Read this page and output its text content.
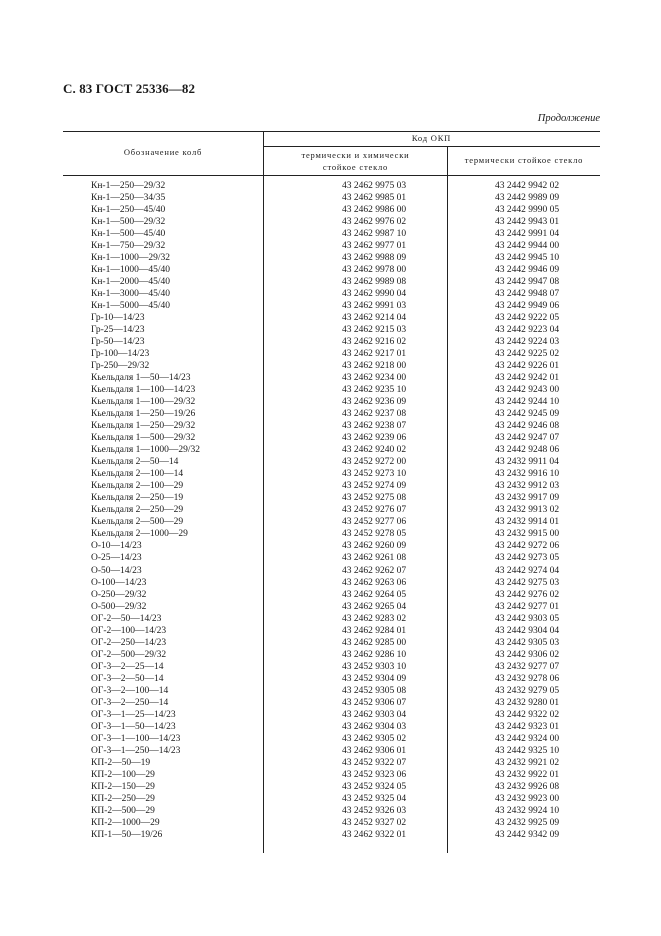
С. 83 ГОСТ 25336—82
Продолжение
Обозначение колб
Код ОКП
термически и химически
стойкое стекло
термически стойкое стекло
Кн-1—250—29/32	43 2462 9975 03	43 2442 9942 02
Кн-1—250—34/35	43 2462 9985 01	43 2442 9989 09
Кн-1—250—45/40	43 2462 9986 00	43 2442 9990 05
Кн-1—500—29/32	43 2462 9976 02	43 2442 9943 01
Кн-1—500—45/40	43 2462 9987 10	43 2442 9991 04
Кн-1—750—29/32	43 2462 9977 01	43 2442 9944 00
Кн-1—1000—29/32	43 2462 9988 09	43 2442 9945 10
Кн-1—1000—45/40	43 2462 9978 00	43 2442 9946 09
Кн-1—2000—45/40	43 2462 9989 08	43 2442 9947 08
Кн-1—3000—45/40	43 2462 9990 04	43 2442 9948 07
Кн-1—5000—45/40	43 2462 9991 03	43 2442 9949 06
Гр-10—14/23	43 2462 9214 04	43 2442 9222 05
Гр-25—14/23	43 2462 9215 03	43 2442 9223 04
Гр-50—14/23	43 2462 9216 02	43 2442 9224 03
Гр-100—14/23	43 2462 9217 01	43 2442 9225 02
Гр-250—29/32	43 2462 9218 00	43 2442 9226 01
Кьельдаля 1—50—14/23	43 2462 9234 00	43 2442 9242 01
Кьельдаля 1—100—14/23	43 2462 9235 10	43 2442 9243 00
Кьельдаля 1—100—29/32	43 2462 9236 09	43 2442 9244 10
Кьельдаля 1—250—19/26	43 2462 9237 08	43 2442 9245 09
Кьельдаля 1—250—29/32	43 2462 9238 07	43 2442 9246 08
Кьельдаля 1—500—29/32	43 2462 9239 06	43 2442 9247 07
Кьельдаля 1—1000—29/32	43 2462 9240 02	43 2442 9248 06
Кьельдаля 2—50—14	43 2452 9272 00	43 2432 9911 04
Кьельдаля 2—100—14	43 2452 9273 10	43 2432 9916 10
Кьельдаля 2—100—29	43 2452 9274 09	43 2432 9912 03
Кьельдаля 2—250—19	43 2452 9275 08	43 2432 9917 09
Кьельдаля 2—250—29	43 2452 9276 07	43 2432 9913 02
Кьельдаля 2—500—29	43 2452 9277 06	43 2432 9914 01
Кьельдаля 2—1000—29	43 2452 9278 05	43 2432 9915 00
О-10—14/23	43 2462 9260 09	43 2442 9272 06
О-25—14/23	43 2462 9261 08	43 2442 9273 05
О-50—14/23	43 2462 9262 07	43 2442 9274 04
О-100—14/23	43 2462 9263 06	43 2442 9275 03
О-250—29/32	43 2462 9264 05	43 2442 9276 02
О-500—29/32	43 2462 9265 04	43 2442 9277 01
ОГ-2—50—14/23	43 2462 9283 02	43 2442 9303 05
ОГ-2—100—14/23	43 2462 9284 01	43 2442 9304 04
ОГ-2—250—14/23	43 2462 9285 00	43 2442 9305 03
ОГ-2—500—29/32	43 2462 9286 10	43 2442 9306 02
ОГ-3—2—25—14	43 2452 9303 10	43 2432 9277 07
ОГ-3—2—50—14	43 2452 9304 09	43 2432 9278 06
ОГ-3—2—100—14	43 2452 9305 08	43 2432 9279 05
ОГ-3—2—250—14	43 2452 9306 07	43 2432 9280 01
ОГ-3—1—25—14/23	43 2462 9303 04	43 2442 9322 02
ОГ-3—1—50—14/23	43 2462 9304 03	43 2442 9323 01
ОГ-3—1—100—14/23	43 2462 9305 02	43 2442 9324 00
ОГ-3—1—250—14/23	43 2462 9306 01	43 2442 9325 10
КП-2—50—19	43 2452 9322 07	43 2432 9921 02
КП-2—100—29	43 2452 9323 06	43 2432 9922 01
КП-2—150—29	43 2452 9324 05	43 2432 9926 08
КП-2—250—29	43 2452 9325 04	43 2432 9923 00
КП-2—500—29	43 2452 9326 03	43 2432 9924 10
КП-2—1000—29	43 2452 9327 02	43 2432 9925 09
КП-1—50—19/26	43 2462 9322 01	43 2442 9342 09
